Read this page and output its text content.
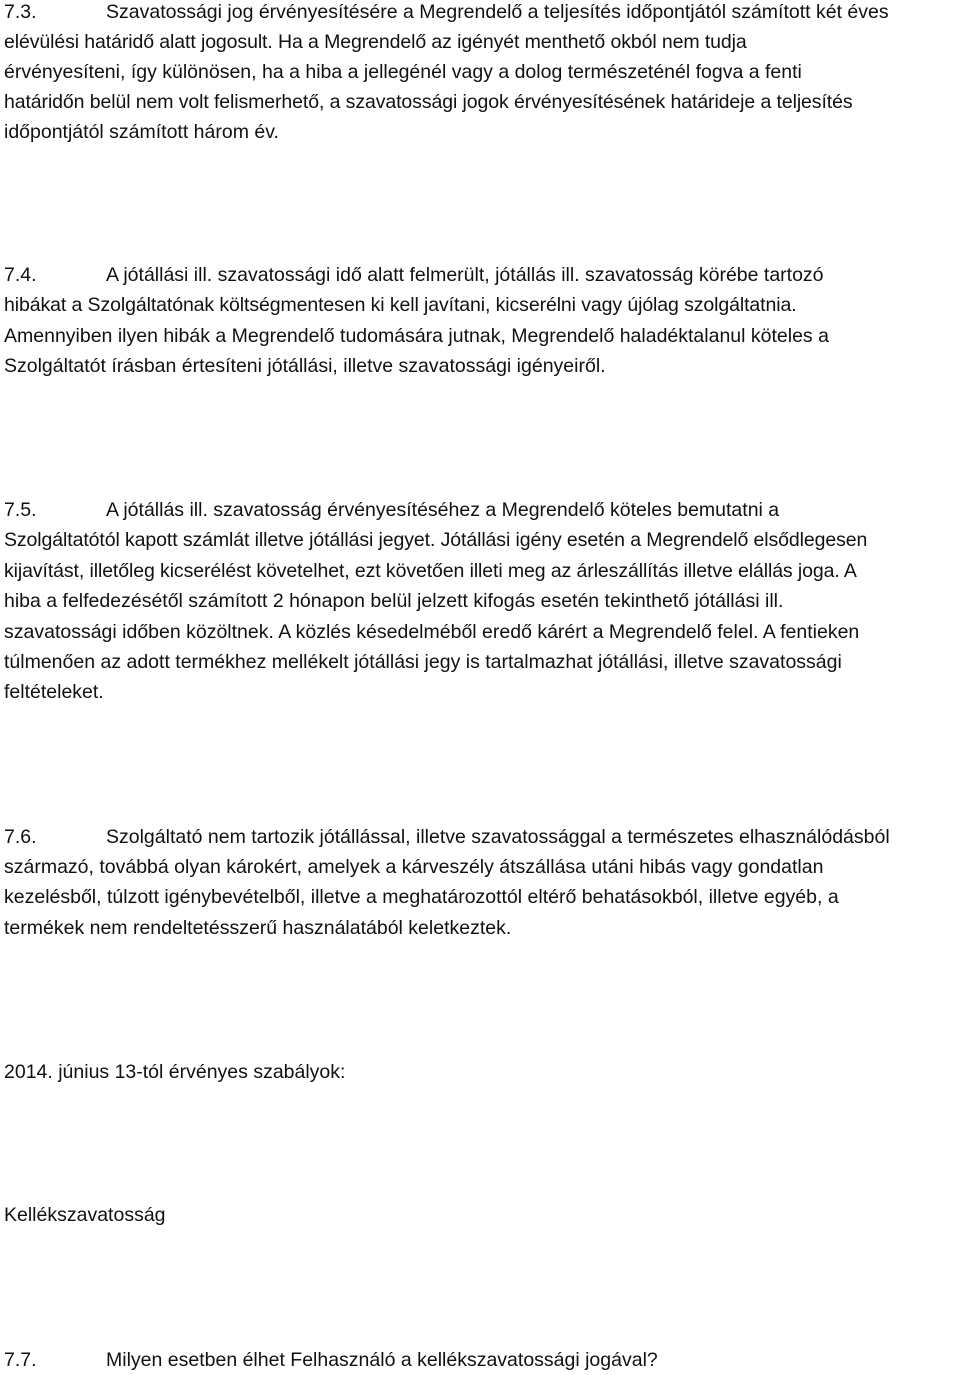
7.3.	Szavatossági jog érvényesítésére a Megrendelő a teljesítés időpontjától számított két éves
elévülési határidő alatt jogosult. Ha a Megrendelő az igényét menthető okból nem tudja
érvényesíteni, így különösen, ha a hiba a jellegénél vagy a dolog természeténél fogva a fenti
határidőn belül nem volt felismerhető, a szavatossági jogok érvényesítésének határideje a teljesítés
időpontjától számított három év.
7.4.	A jótállási ill. szavatossági idő alatt felmerült, jótállás ill. szavatosság körébe tartozó
hibákat a Szolgáltatónak költségmentesen ki kell javítani, kicserélni vagy újólag szolgáltatnia.
Amennyiben ilyen hibák a Megrendelő tudomására jutnak, Megrendelő haladéktalanul köteles a
Szolgáltatót írásban értesíteni jótállási, illetve szavatossági igényeiről.
7.5.	A jótállás ill. szavatosság érvényesítéséhez a Megrendelő köteles bemutatni a
Szolgáltatótól kapott számlát illetve jótállási jegyet. Jótállási igény esetén a Megrendelő elsődlegesen
kijavítást, illetőleg kicserélést követelhet, ezt követően illeti meg az árleszállítás illetve elállás joga. A
hiba a felfedezésétől számított 2 hónapon belül jelzett kifogás esetén tekinthető jótállási ill.
szavatossági időben közöltnek. A közlés késedelméből eredő kárért a Megrendelő felel. A fentieken
túlmenően az adott termékhez mellékelt jótállási jegy is tartalmazhat jótállási, illetve szavatossági
feltételeket.
7.6.	Szolgáltató nem tartozik jótállással, illetve szavatossággal a természetes elhasználódásból
származó, továbbá olyan károkért, amelyek a kárveszély átszállása utáni hibás vagy gondatlan
kezelésből, túlzott igénybevételből, illetve a meghatározottól eltérő behatásokból, illetve egyéb, a
termékek nem rendeltetésszerű használatából keletkeztek.
2014. június 13-tól érvényes szabályok:
Kellékszavatosság
7.7.	Milyen esetben élhet Felhasználó a kellékszavatossági jogával?
